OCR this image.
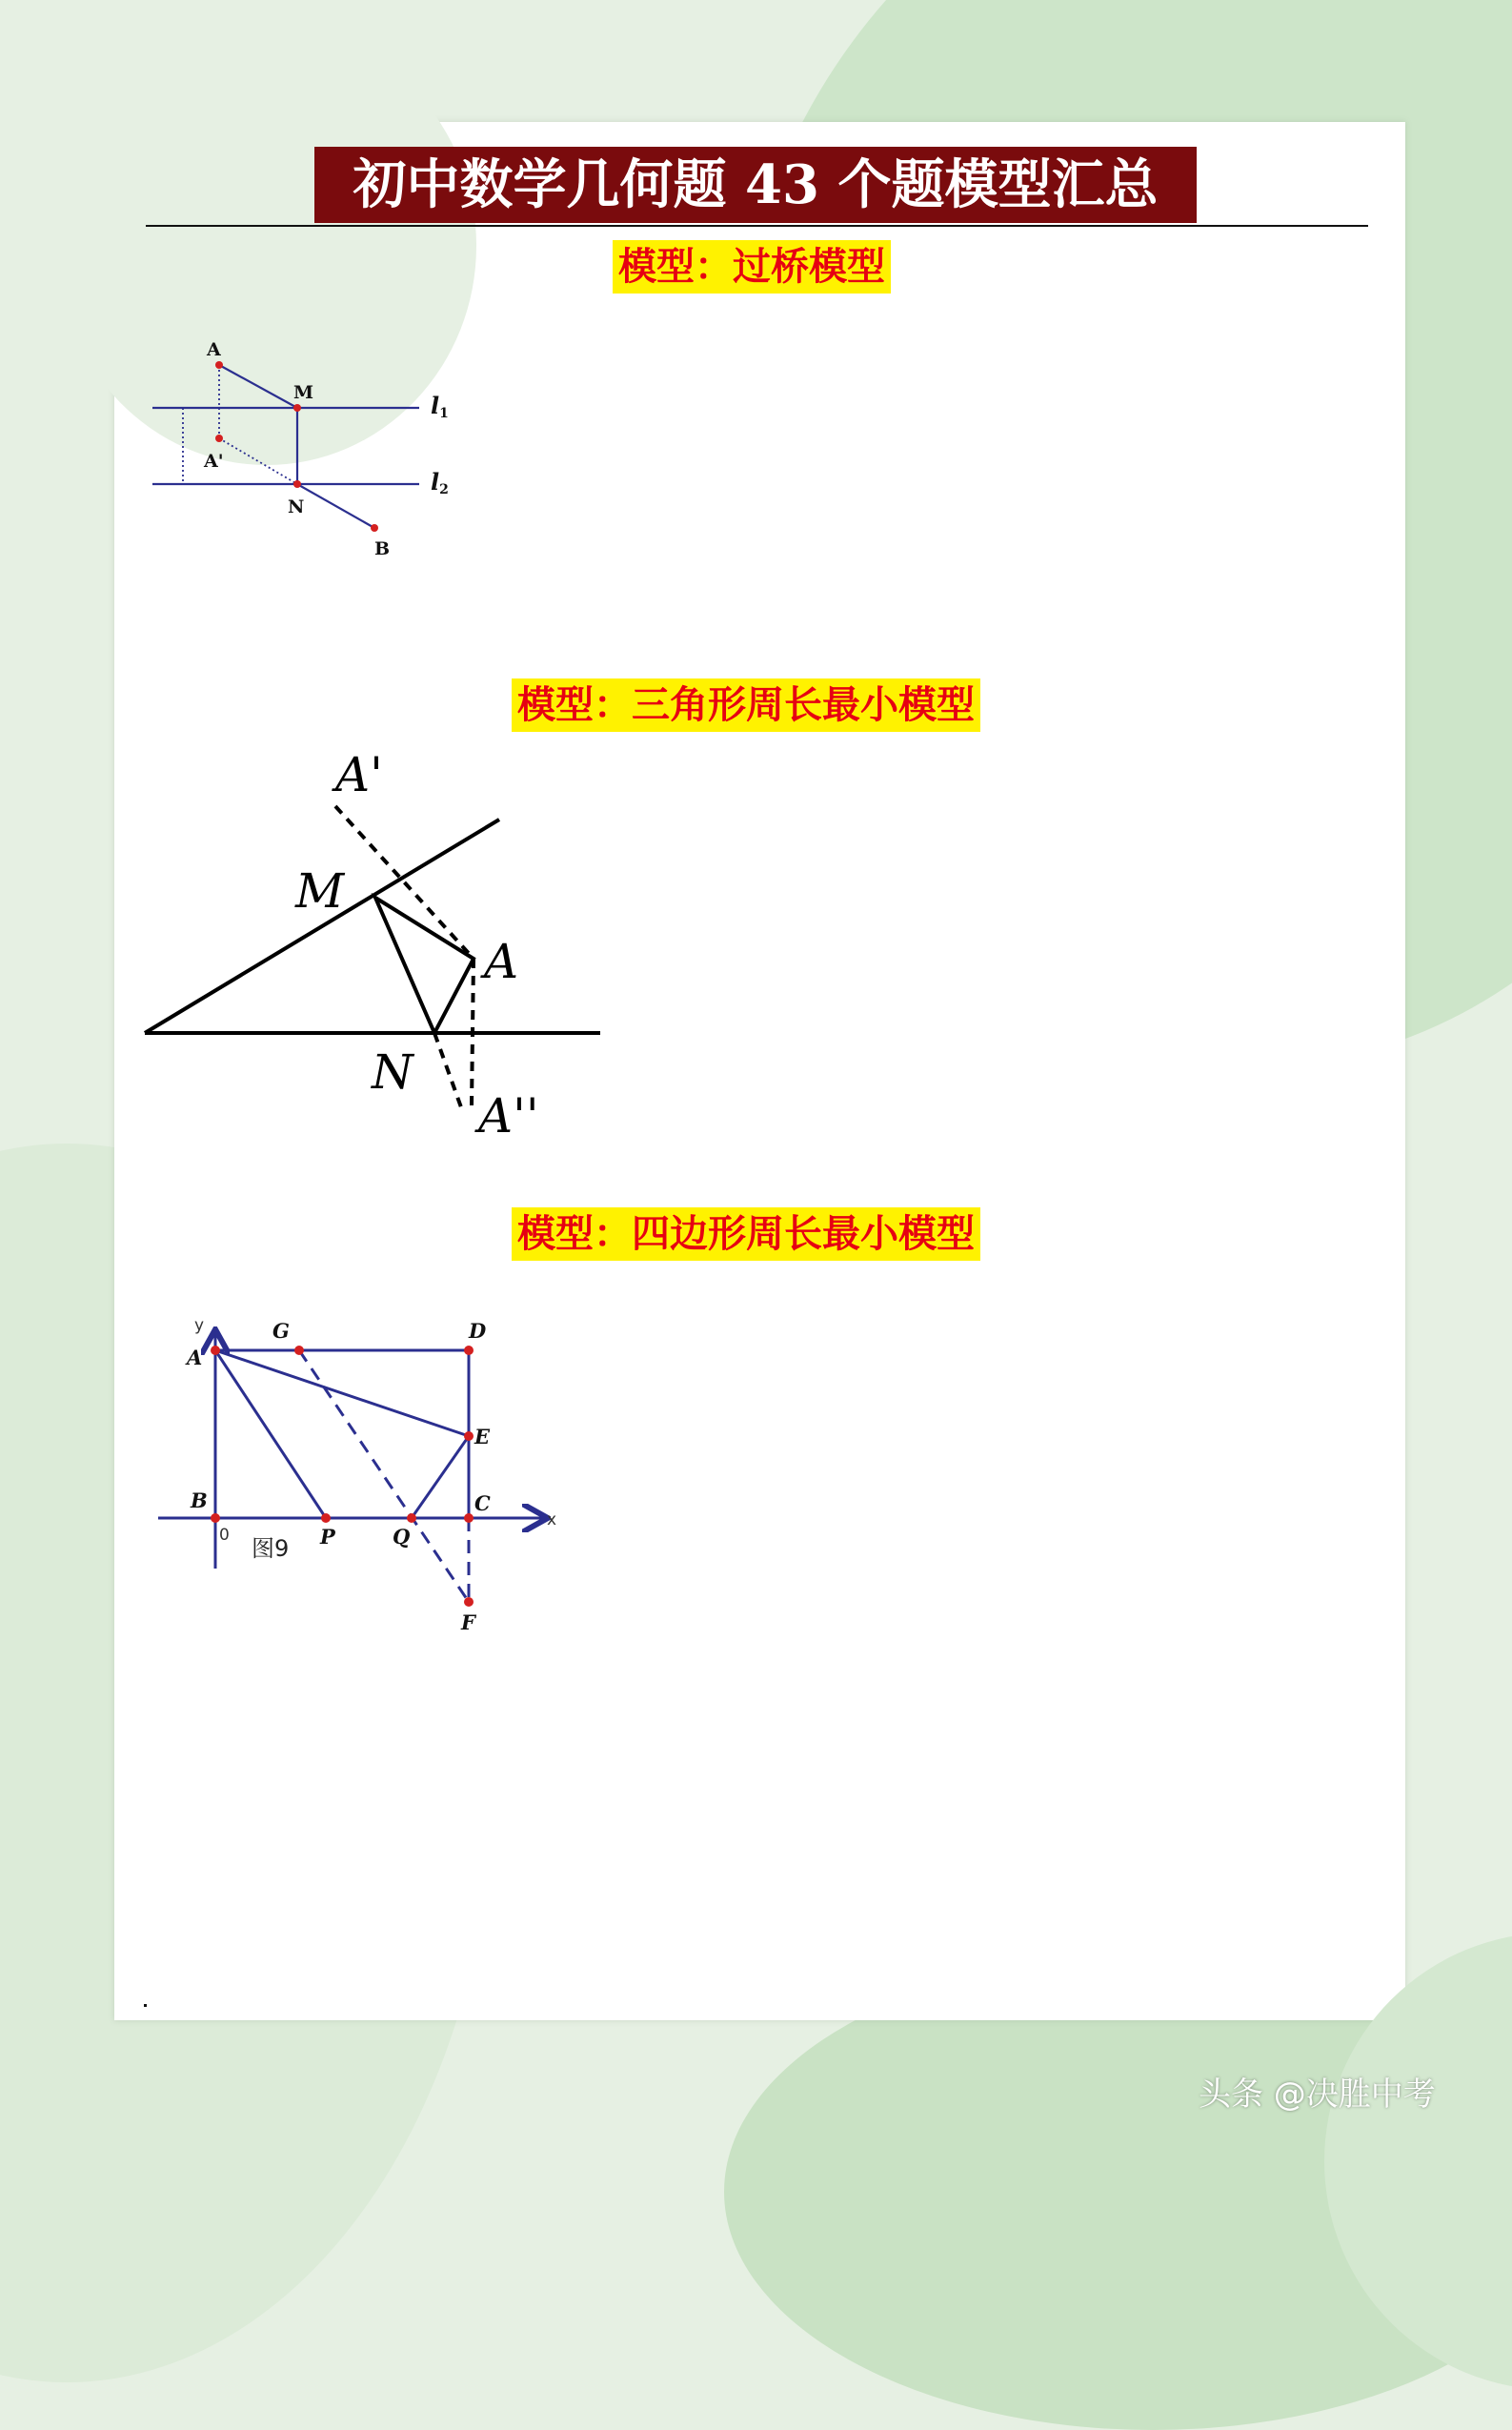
初中数学几何题 43 个题模型汇总
模型：过桥模型
A
M
A'
N
B
l1
l2
模型：三角形周长最小模型
A'
M
A
N
A''
模型：四边形周长最小模型
G	D
A
E
B	C
P	Q
F
y
x
0 图9
头条 @决胜中考
